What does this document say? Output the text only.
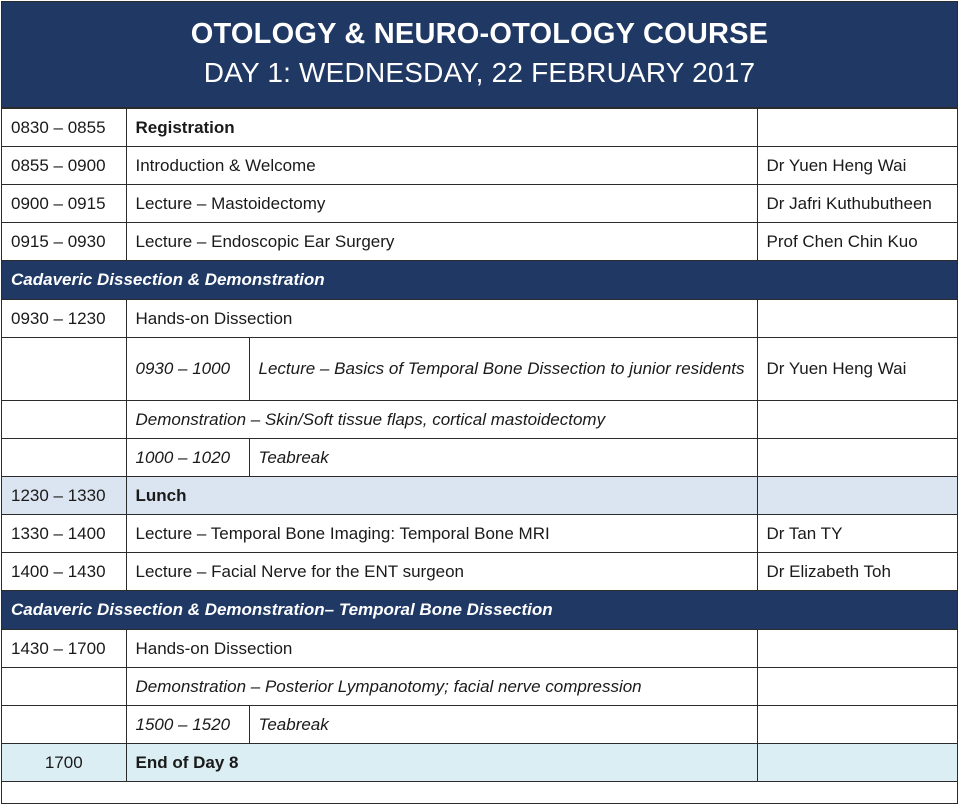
OTOLOGY & NEURO-OTOLOGY COURSE
DAY 1: WEDNESDAY, 22 FEBRUARY 2017
0830 – 0855	Registration		
0855 – 0900	Introduction & Welcome		Dr Yuen Heng Wai
0900 – 0915	Lecture – Mastoidectomy		Dr Jafri Kuthubutheen
0915 – 0930	Lecture – Endoscopic Ear Surgery		Prof Chen Chin Kuo
Cadaveric Dissection & Demonstration			
0930 – 1230	Hands-on Dissection		
	0930 – 1000	Lecture – Basics of Temporal Bone Dissection to junior residents	Dr Yuen Heng Wai
	Demonstration – Skin/Soft tissue flaps, cortical mastoidectomy		
	1000 – 1020	Teabreak	
1230 – 1330	Lunch		
1330 – 1400	Lecture – Temporal Bone Imaging: Temporal Bone MRI		Dr Tan TY
1400 – 1430	Lecture – Facial Nerve for the ENT surgeon		Dr Elizabeth Toh
Cadaveric Dissection & Demonstration– Temporal Bone Dissection			
1430 – 1700	Hands-on Dissection		
	Demonstration – Posterior Lympanotomy; facial nerve compression		
	1500 – 1520	Teabreak	
1700	End of Day 8		
